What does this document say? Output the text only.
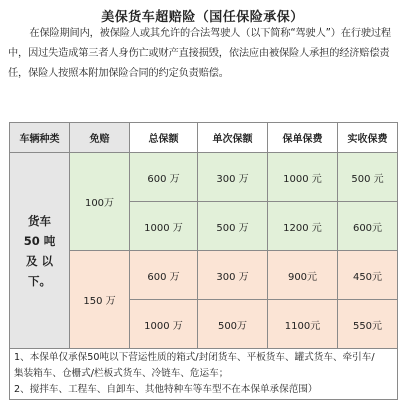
美保货车超赔险（国任保险承保）

在保险期间内，被保险人或其允许的合法驾驶人（以下简称“驾驶人”）在行驶过程中，因过失造成第三者人身伤亡或财产直接损毁，依法应由被保险人承担的经济赔偿责任，保险人按照本附加保险合同的约定负责赔偿。

车辆种类	免赔	总保额	单次保额	保单保费	实收保费

货车
50 吨
及 以
下。	100万	600 万	300 万	1000 元	500 元
		1000 万	500 万	1200 元	600元
	150 万	600 万	300 万	900元	450元
		1000 万	500万	1100元	550元

1、本保单仅承保50吨以下营运性质的箱式/封闭货车、平板货车、罐式货车、牵引车/
集装箱车、仓栅式/栏板式货车、冷链车、危运车；
2、搅拌车、工程车、自卸车、其他特种车等车型不在本保单承保范围）					
